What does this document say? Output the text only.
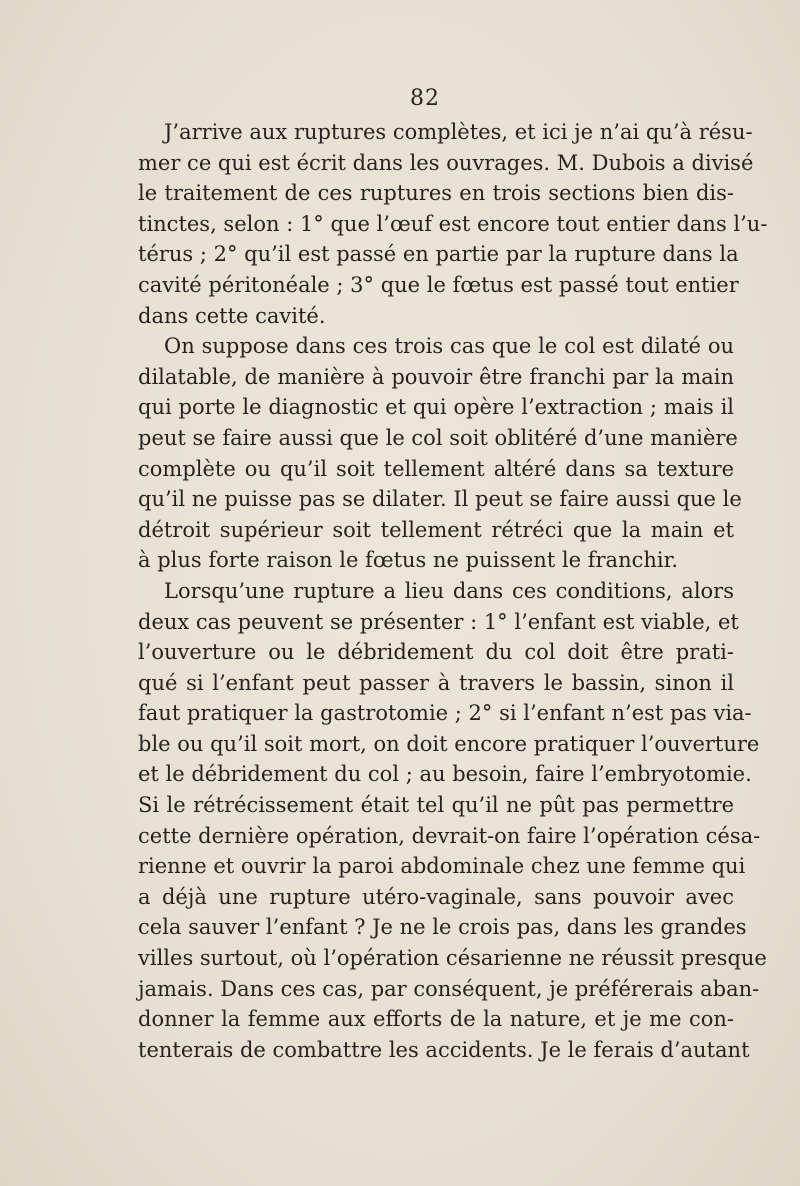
82
J’arrive aux ruptures complètes, et ici je n’ai qu’à résu-
mer ce qui est écrit dans les ouvrages. M. Dubois a divisé
le traitement de ces ruptures en trois sections bien dis-
tinctes, selon : 1° que l’œuf est encore tout entier dans l’u-
térus ; 2° qu’il est passé en partie par la rupture dans la
cavité péritonéale ; 3° que le fœtus est passé tout entier
dans cette cavité.
On suppose dans ces trois cas que le col est dilaté ou
dilatable, de manière à pouvoir être franchi par la main
qui porte le diagnostic et qui opère l’extraction ; mais il
peut se faire aussi que le col soit oblitéré d’une manière
complète ou qu’il soit tellement altéré dans sa texture
qu’il ne puisse pas se dilater. Il peut se faire aussi que le
détroit supérieur soit tellement rétréci que la main et
à plus forte raison le fœtus ne puissent le franchir.
Lorsqu’une rupture a lieu dans ces conditions, alors
deux cas peuvent se présenter : 1° l’enfant est viable, et
l’ouverture ou le débridement du col doit être prati-
qué si l’enfant peut passer à travers le bassin, sinon il
faut pratiquer la gastrotomie ; 2° si l’enfant n’est pas via-
ble ou qu’il soit mort, on doit encore pratiquer l’ouverture
et le débridement du col ; au besoin, faire l’embryotomie.
Si le rétrécissement était tel qu’il ne pût pas permettre
cette dernière opération, devrait-on faire l’opération césa-
rienne et ouvrir la paroi abdominale chez une femme qui
a déjà une rupture utéro-vaginale, sans pouvoir avec
cela sauver l’enfant ? Je ne le crois pas, dans les grandes
villes surtout, où l’opération césarienne ne réussit presque
jamais. Dans ces cas, par conséquent, je préférerais aban-
donner la femme aux efforts de la nature, et je me con-
tenterais de combattre les accidents. Je le ferais d’autant
